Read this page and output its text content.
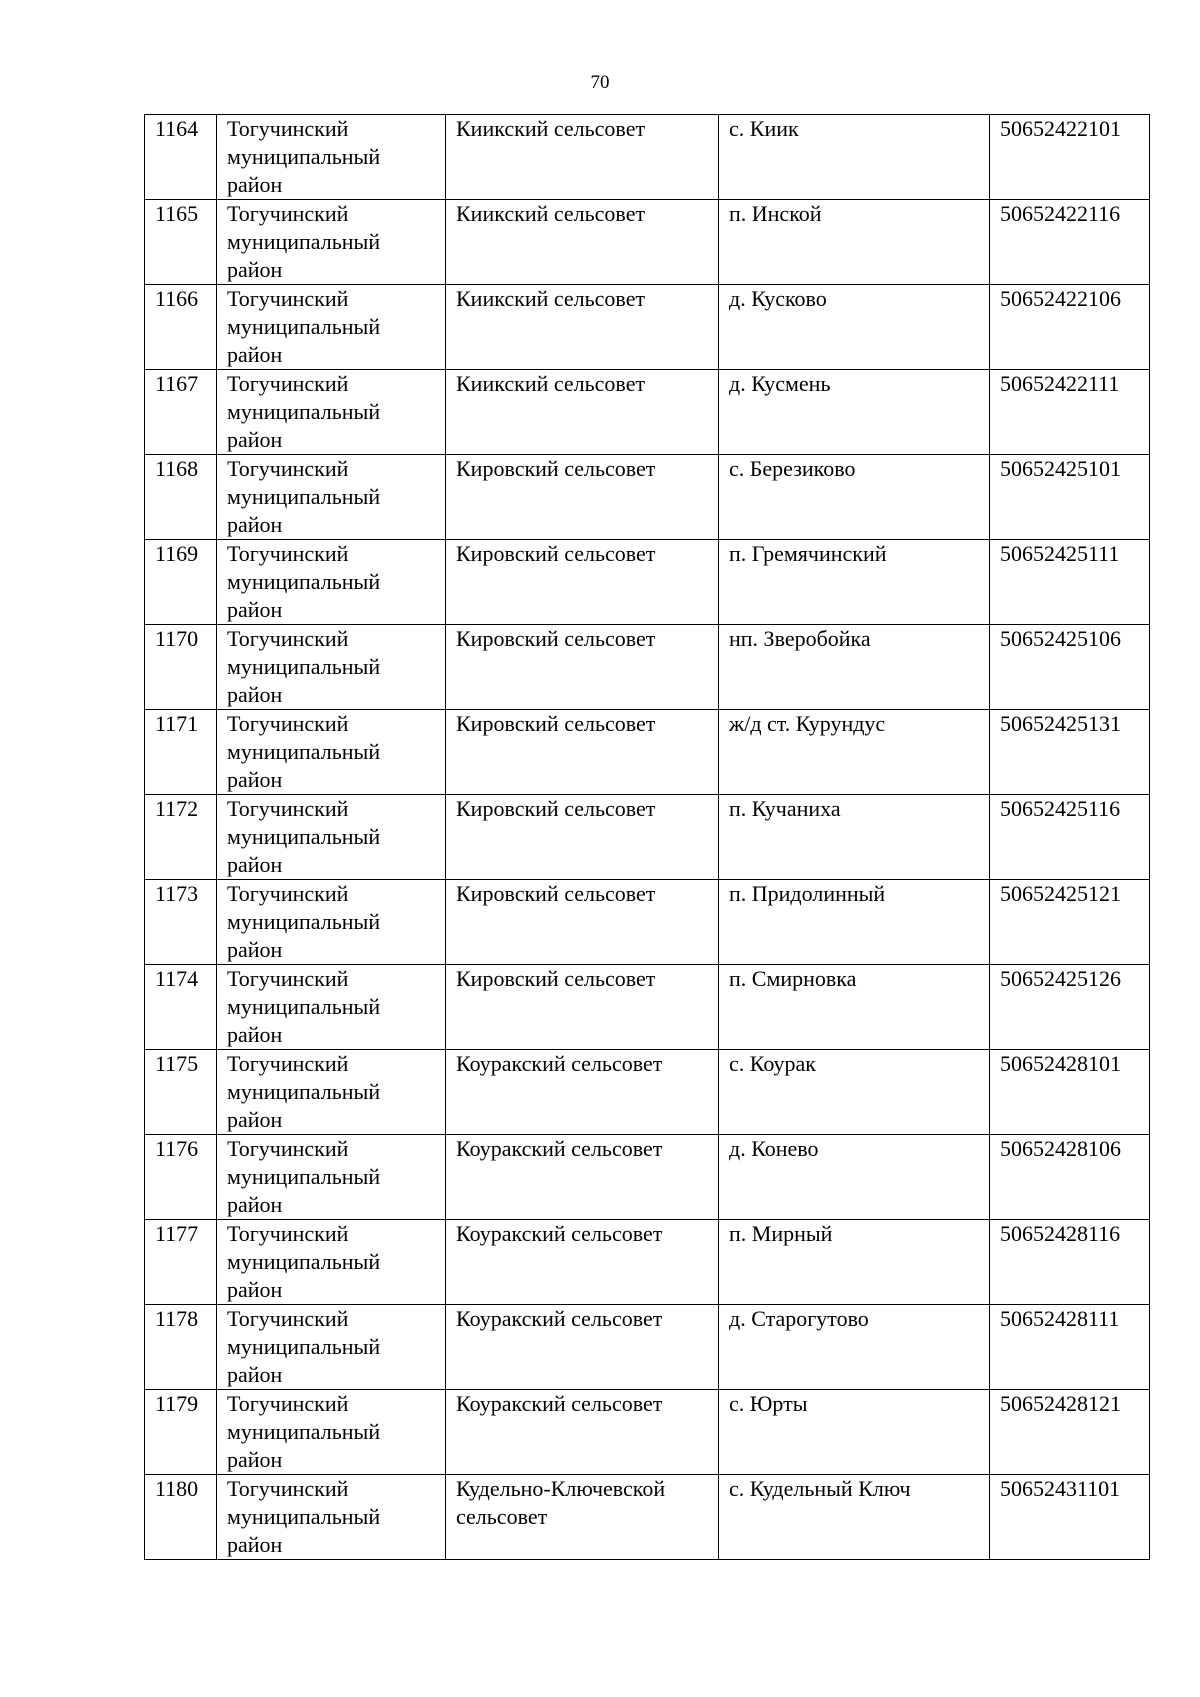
70
1164	Тогучинский
муниципальный
район	Киикский сельсовет	с. Киик	50652422101
1165	Тогучинский
муниципальный
район	Киикский сельсовет	п. Инской	50652422116
1166	Тогучинский
муниципальный
район	Киикский сельсовет	д. Кусково	50652422106
1167	Тогучинский
муниципальный
район	Киикский сельсовет	д. Кусмень	50652422111
1168	Тогучинский
муниципальный
район	Кировский сельсовет	с. Березиково	50652425101
1169	Тогучинский
муниципальный
район	Кировский сельсовет	п. Гремячинский	50652425111
1170	Тогучинский
муниципальный
район	Кировский сельсовет	нп. Зверобойка	50652425106
1171	Тогучинский
муниципальный
район	Кировский сельсовет	ж/д ст. Курундус	50652425131
1172	Тогучинский
муниципальный
район	Кировский сельсовет	п. Кучаниха	50652425116
1173	Тогучинский
муниципальный
район	Кировский сельсовет	п. Придолинный	50652425121
1174	Тогучинский
муниципальный
район	Кировский сельсовет	п. Смирновка	50652425126
1175	Тогучинский
муниципальный
район	Коуракский сельсовет	с. Коурак	50652428101
1176	Тогучинский
муниципальный
район	Коуракский сельсовет	д. Конево	50652428106
1177	Тогучинский
муниципальный
район	Коуракский сельсовет	п. Мирный	50652428116
1178	Тогучинский
муниципальный
район	Коуракский сельсовет	д. Старогутово	50652428111
1179	Тогучинский
муниципальный
район	Коуракский сельсовет	с. Юрты	50652428121
1180	Тогучинский
муниципальный
район	Кудельно-Ключевской сельсовет	с. Кудельный Ключ	50652431101
